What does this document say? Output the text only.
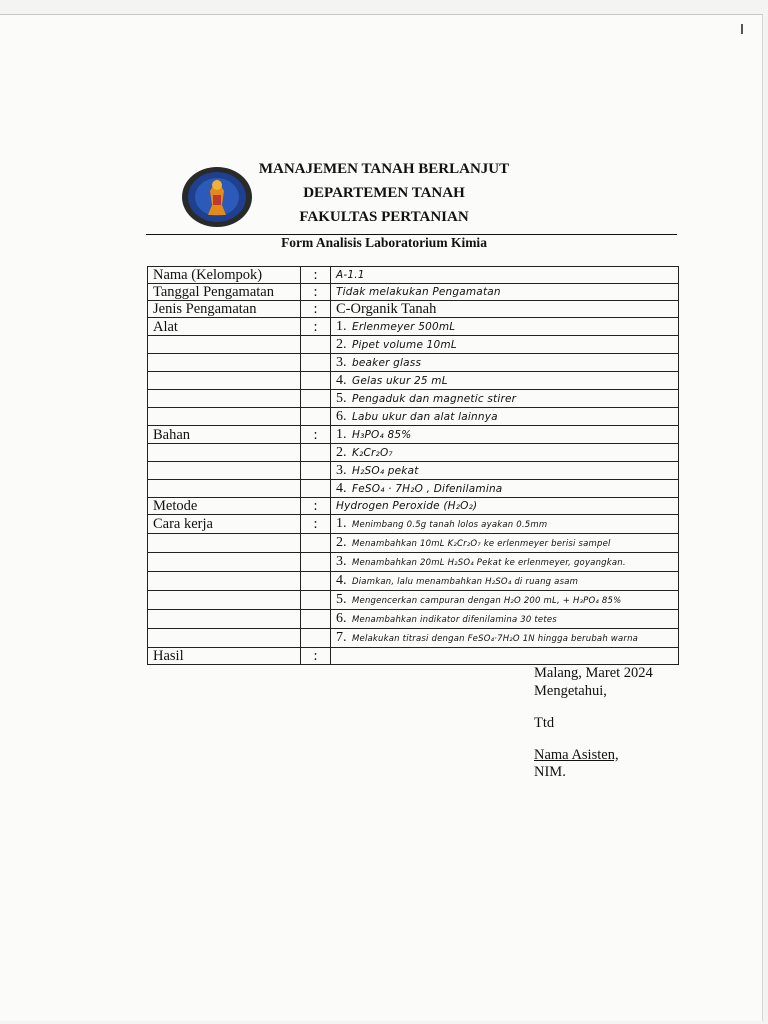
MANAJEMEN TANAH BERLANJUT
DEPARTEMEN TANAH
FAKULTAS PERTANIAN
Form Analisis Laboratorium Kimia
Nama (Kelompok)	:	A-1.1
Tanggal Pengamatan	:	Tidak melakukan Pengamatan
Jenis Pengamatan	:	C-Organik Tanah
Alat	:	1. Erlenmeyer 500mL
		2. Pipet volume 10mL
		3. beaker glass
		4. Gelas ukur 25 mL
		5. Pengaduk dan magnetic stirer
		6. Labu ukur dan alat lainnya
Bahan	:	1. H₃PO₄ 85%
		2. K₂Cr₂O₇
		3. H₂SO₄ pekat
		4. FeSO₄ · 7H₂O , Difenilamina
Metode	:	Hydrogen Peroxide (H₂O₂)
Cara kerja	:	1. Menimbang 0.5g tanah lolos ayakan 0.5mm
		2. Menambahkan 10mL K₂Cr₂O₇ ke erlenmeyer berisi sampel
		3. Menambahkan 20mL H₂SO₄ Pekat ke erlenmeyer, goyangkan.
		4. Diamkan, lalu menambahkan H₂SO₄ di ruang asam
		5. Mengencerkan campuran dengan H₂O 200 mL, + H₃PO₄ 85%
		6. Menambahkan indikator difenilamina 30 tetes
		7. Melakukan titrasi dengan FeSO₄·7H₂O 1N hingga berubah warna
Hasil	:	
Malang, Maret 2024
Mengetahui,
Ttd
Nama Asisten,
NIM.
